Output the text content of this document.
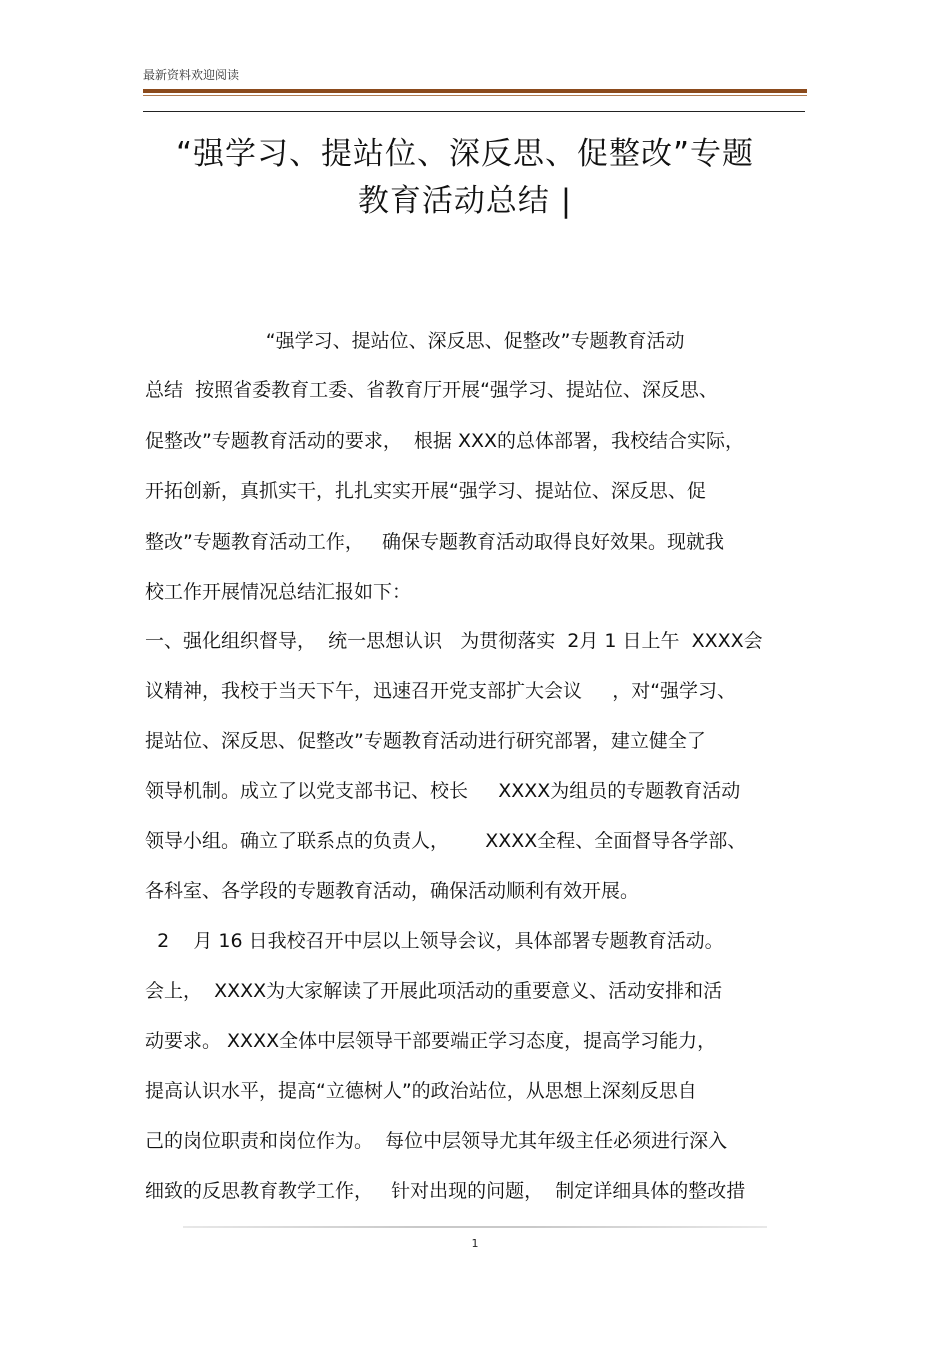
最新资料欢迎阅读
“强学习、提站位、深反思、促整改”专题
教育活动总结 |
“强学习、提站位、深反思、促整改”专题教育活动
总结  按照省委教育工委、省教育厅开展“强学习、提站位、深反思、
促整改”专题教育活动的要求，  根据 XXX的总体部署，我校结合实际，
开拓创新，真抓实干，扎扎实实开展“强学习、提站位、深反思、促
整改”专题教育活动工作，   确保专题教育活动取得良好效果。现就我
校工作开展情况总结汇报如下：
一、强化组织督导，  统一思想认识   为贯彻落实  2月 1 日上午  XXXX会
议精神，我校于当天下午，迅速召开党支部扩大会议     ，对“强学习、
提站位、深反思、促整改”专题教育活动进行研究部署，建立健全了
领导机制。成立了以党支部书记、校长     XXXX为组员的专题教育活动
领导小组。确立了联系点的负责人，      XXXX全程、全面督导各学部、
各科室、各学段的专题教育活动，确保活动顺利有效开展。
2    月 16 日我校召开中层以上领导会议，具体部署专题教育活动。
会上，  XXXX为大家解读了开展此项活动的重要意义、活动安排和活
动要求。 XXXX全体中层领导干部要端正学习态度，提高学习能力，
提高认识水平，提高“立德树人”的政治站位，从思想上深刻反思自
己的岗位职责和岗位作为。  每位中层领导尤其年级主任必须进行深入
细致的反思教育教学工作，   针对出现的问题，  制定详细具体的整改措
1
